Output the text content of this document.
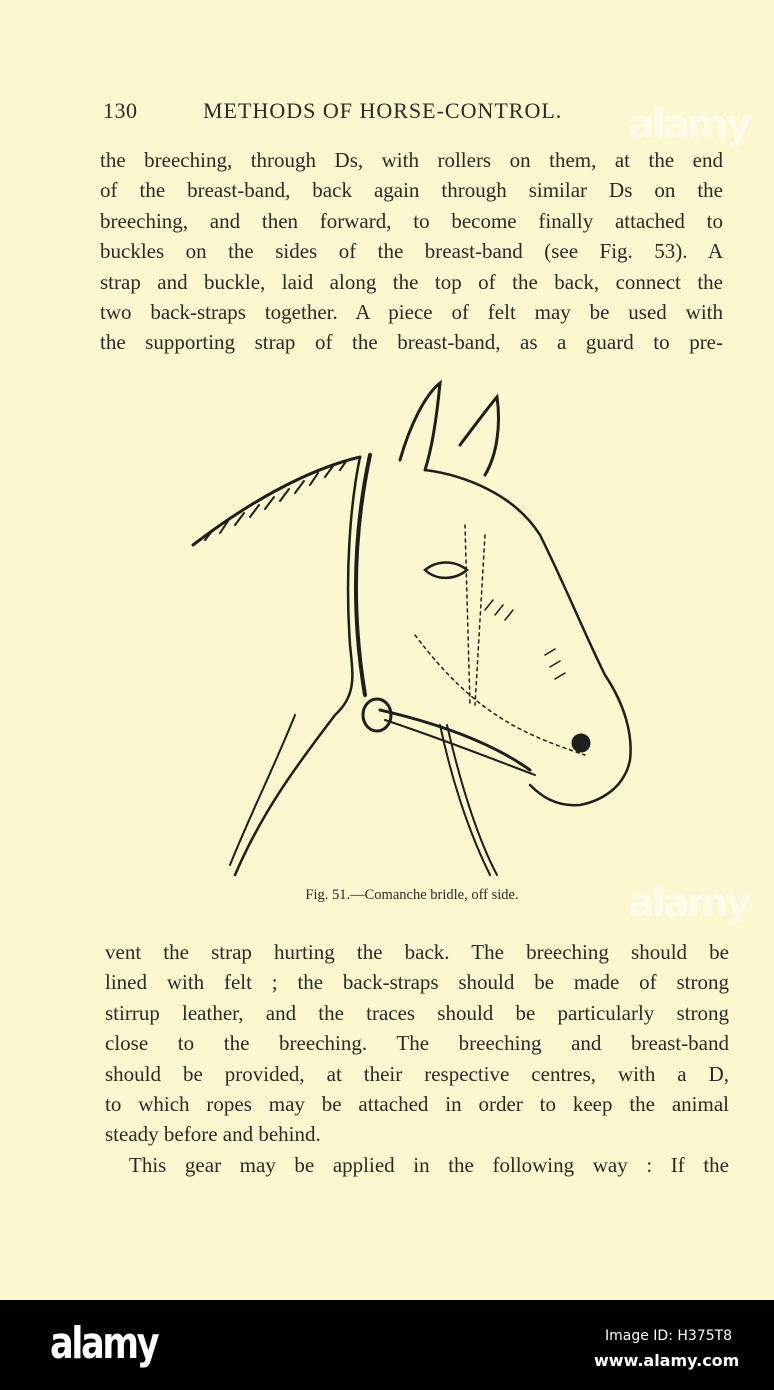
130	METHODS OF HORSE-CONTROL.
the breeching, through Ds, with rollers on them, at the end
of the breast-band, back again through similar Ds on the
breeching, and then forward, to become finally attached to
buckles on the sides of the breast-band (see Fig. 53). A
strap and buckle, laid along the top of the back, connect the
two back-straps together. A piece of felt may be used with
the supporting strap of the breast-band, as a guard to pre-
Fig. 51.—Comanche bridle, off side.
vent the strap hurting the back. The breeching should be
lined with felt ; the back-straps should be made of strong
stirrup leather, and the traces should be particularly strong
close to the breeching. The breeching and breast-band
should be provided, at their respective centres, with a D,
to which ropes may be attached in order to keep the animal
steady before and behind.
This gear may be applied in the following way : If the
alamy
alamy
alamy	Image ID: H375T8
www.alamy.com
